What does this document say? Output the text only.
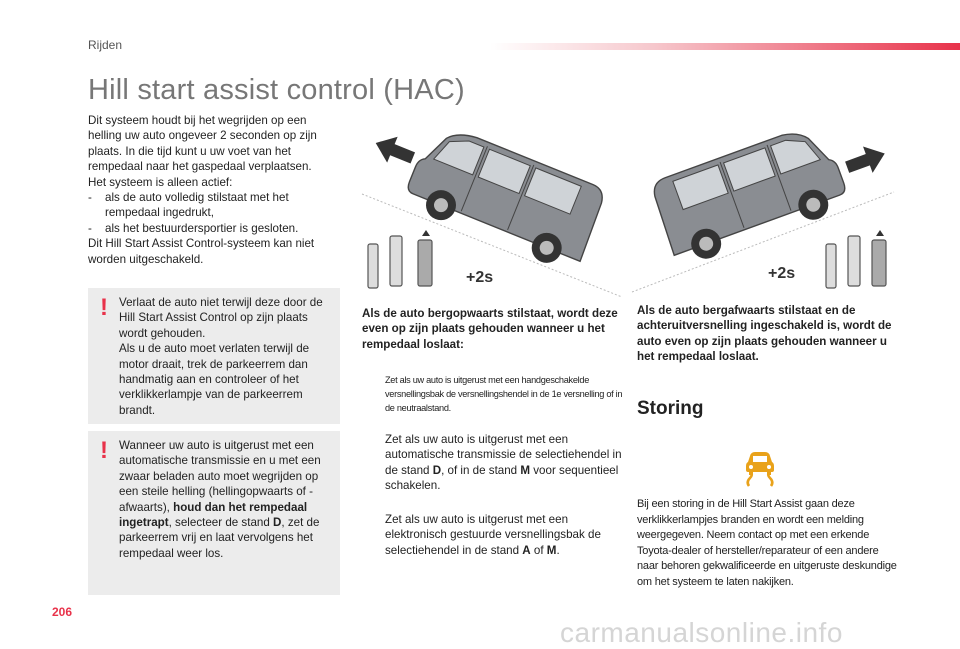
Rijden
Hill start assist control (HAC)

Dit systeem houdt bij het wegrijden op een helling uw auto ongeveer 2 seconden op zijn plaats. In die tijd kunt u uw voet van het rempedaal naar het gaspedaal verplaatsen.

Het systeem is alleen actief:

-	als de auto volledig stilstaat met het rempedaal ingedrukt,
-	als het bestuurdersportier is gesloten.

Dit Hill Start Assist Control-systeem kan niet worden uitgeschakeld.

! Verlaat de auto niet terwijl deze door de Hill Start Assist Control op zijn plaats wordt gehouden.
Als u de auto moet verlaten terwijl de motor draait, trek de parkeerrem dan handmatig aan en controleer of het verklikkerlampje van de parkeerrem brandt.
! Wanneer uw auto is uitgerust met een automatische transmissie en u met een zwaar beladen auto moet wegrijden op een steile helling (hellingopwaarts of -afwaarts), houd dan het rempedaal ingetrapt, selecteer de stand D, zet de parkeerrem vrij en laat vervolgens het rempedaal weer los.
+2s	+2s
Als de auto bergopwaarts stilstaat, wordt deze even op zijn plaats gehouden wanneer u het rempedaal loslaat:
Zet als uw auto is uitgerust met een handgeschakelde versnellingsbak de versnellingshendel in de 1e versnelling of in de neutraalstand.
Zet als uw auto is uitgerust met een automatische transmissie de selectiehendel in de stand D, of in de stand M voor sequentieel schakelen.
Zet als uw auto is uitgerust met een elektronisch gestuurde versnellingsbak de selectiehendel in de stand A of M.
Als de auto bergafwaarts stilstaat en de achteruitversnelling ingeschakeld is, wordt de auto even op zijn plaats gehouden wanneer u het rempedaal loslaat.
Storing
Bij een storing in de Hill Start Assist gaan deze verklikkerlampjes branden en wordt een melding weergegeven. Neem contact op met een erkende Toyota-dealer of hersteller/reparateur of een andere naar behoren gekwalificeerde en uitgeruste deskundige om het systeem te laten nakijken.
206
carmanualsonline.info
